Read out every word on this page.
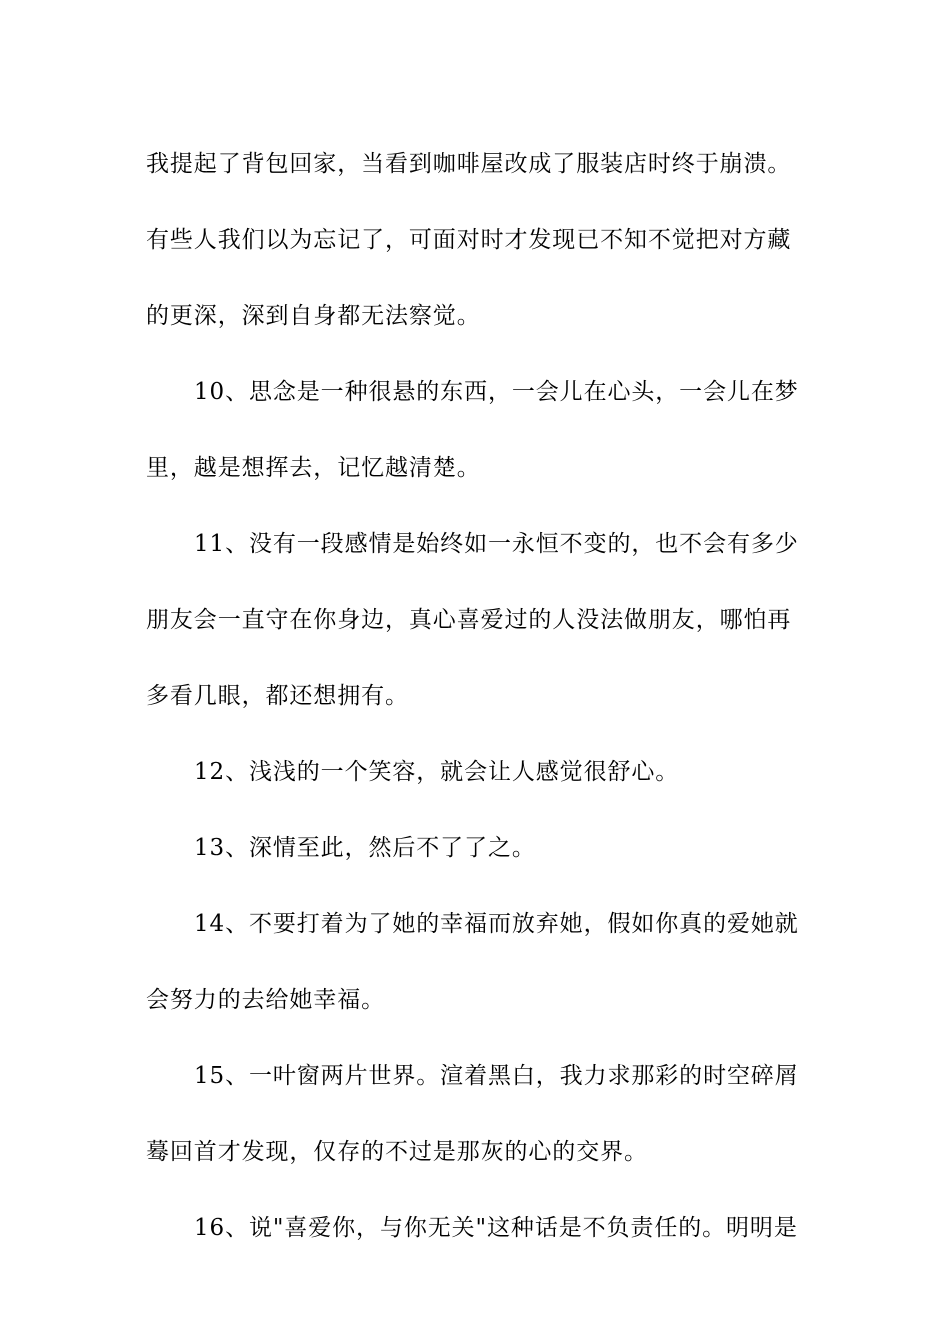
我提起了背包回家，当看到咖啡屋改成了服装店时终于崩溃。
有些人我们以为忘记了，可面对时才发现已不知不觉把对方藏
的更深，深到自身都无法察觉。
10、思念是一种很悬的东西，一会儿在心头，一会儿在梦
里，越是想挥去，记忆越清楚。
11、没有一段感情是始终如一永恒不变的，也不会有多少
朋友会一直守在你身边，真心喜爱过的人没法做朋友，哪怕再
多看几眼，都还想拥有。
12、浅浅的一个笑容，就会让人感觉很舒心。
13、深情至此，然后不了了之。
14、不要打着为了她的幸福而放弃她，假如你真的爱她就
会努力的去给她幸福。
15、一叶窗两片世界。渲着黑白，我力求那彩的时空碎屑
蓦回首才发现，仅存的不过是那灰的心的交界。
16、说"喜爱你，与你无关"这种话是不负责任的。明明是
